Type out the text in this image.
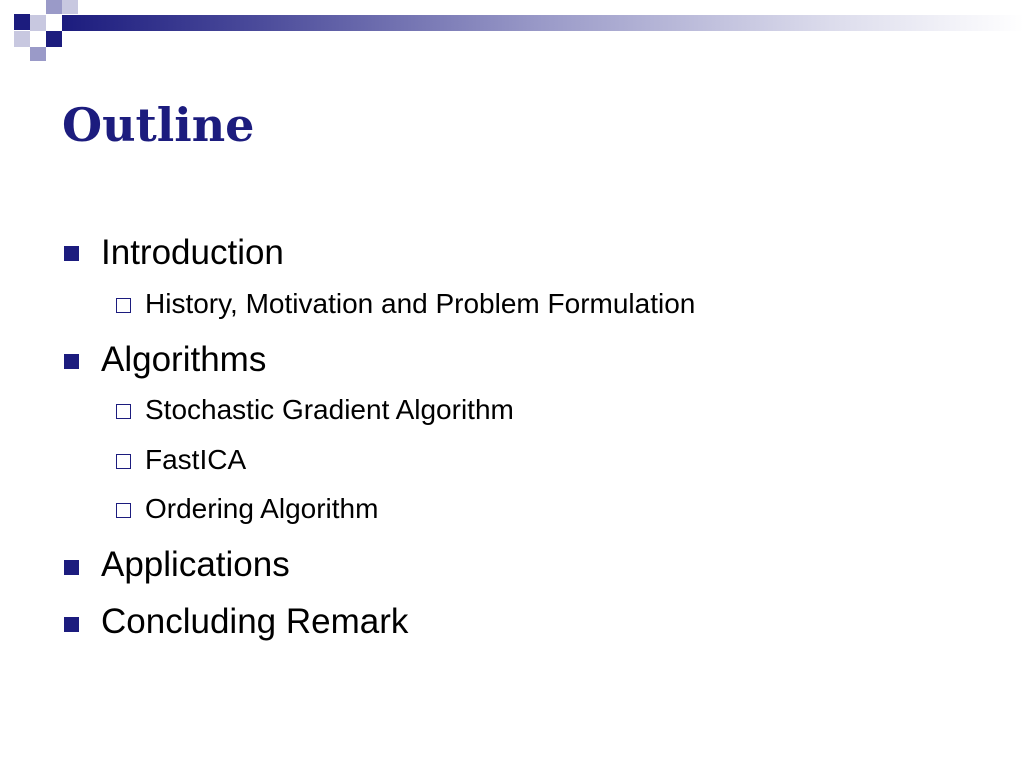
Outline
Introduction
History, Motivation and Problem Formulation
Algorithms
Stochastic Gradient Algorithm
FastICA
Ordering Algorithm
Applications
Concluding Remark
